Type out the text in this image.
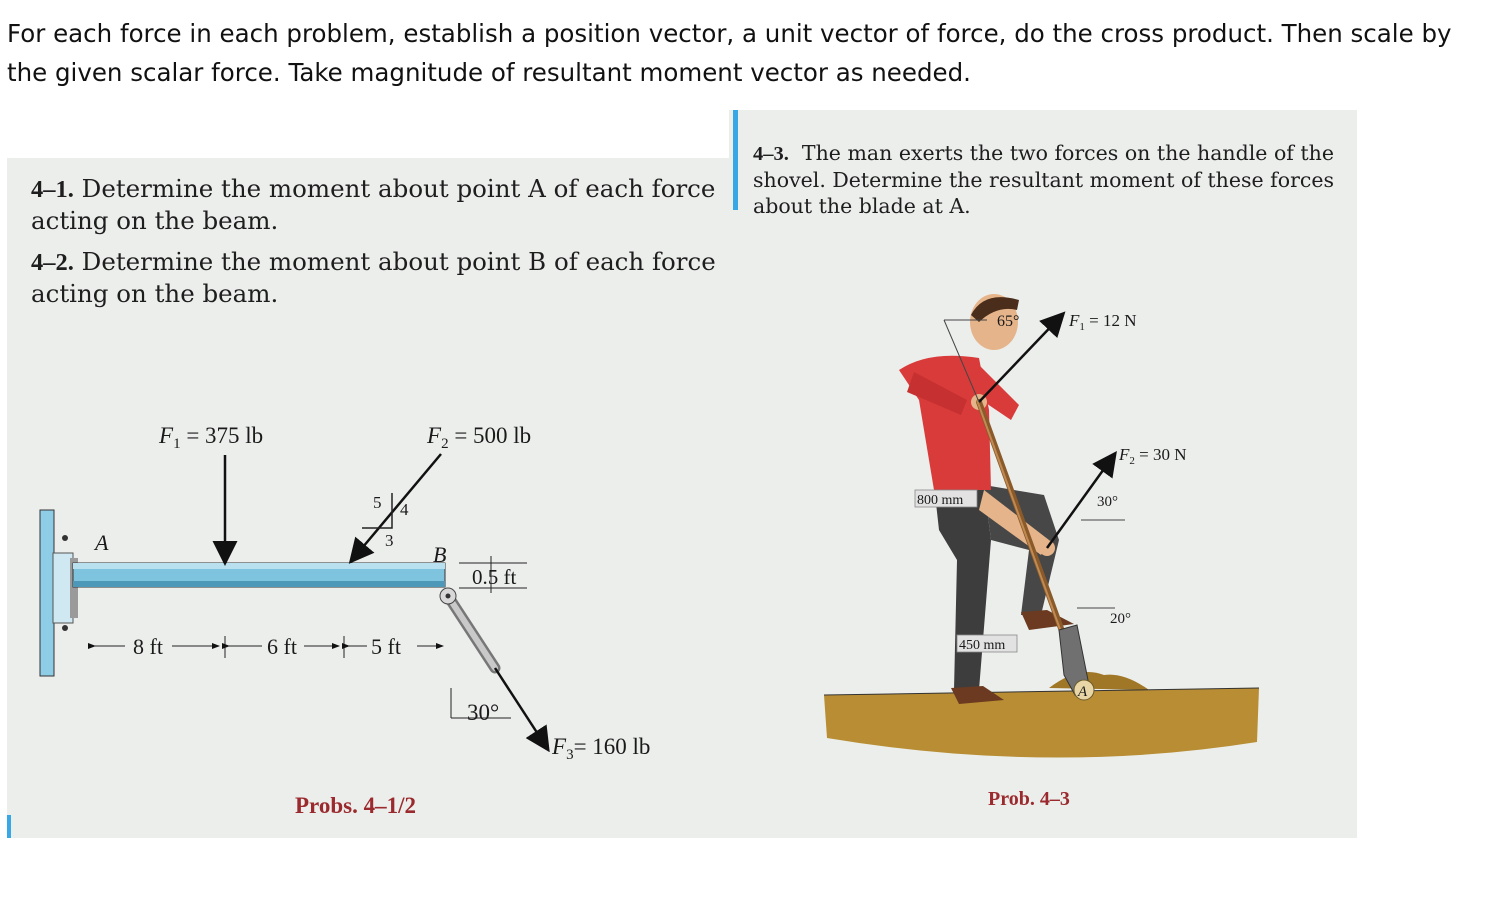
For each force in each problem, establish a position vector, a unit vector of force, do the cross product. Then scale by
the given scalar force. Take magnitude of resultant moment vector as needed.
4–1. Determine the moment about point A of each force acting on the beam.
4–2. Determine the moment about point B of each force acting on the beam.
$F_1 = 375$ lb	$F_2 = 500$ lb
5 4
3
A	B
0.5 ft
8 ft	6 ft	5 ft
30°
$F_3= 160$ lb
Probs. 4–1/2
4–3. The man exerts the two forces on the handle of the
shovel. Determine the resultant moment of these forces
about the blade at A.
65°	$F_1 = 12$ N
$F_2 = 30$ N
30°
800 mm
450 mm
20°
A
Prob. 4–3
